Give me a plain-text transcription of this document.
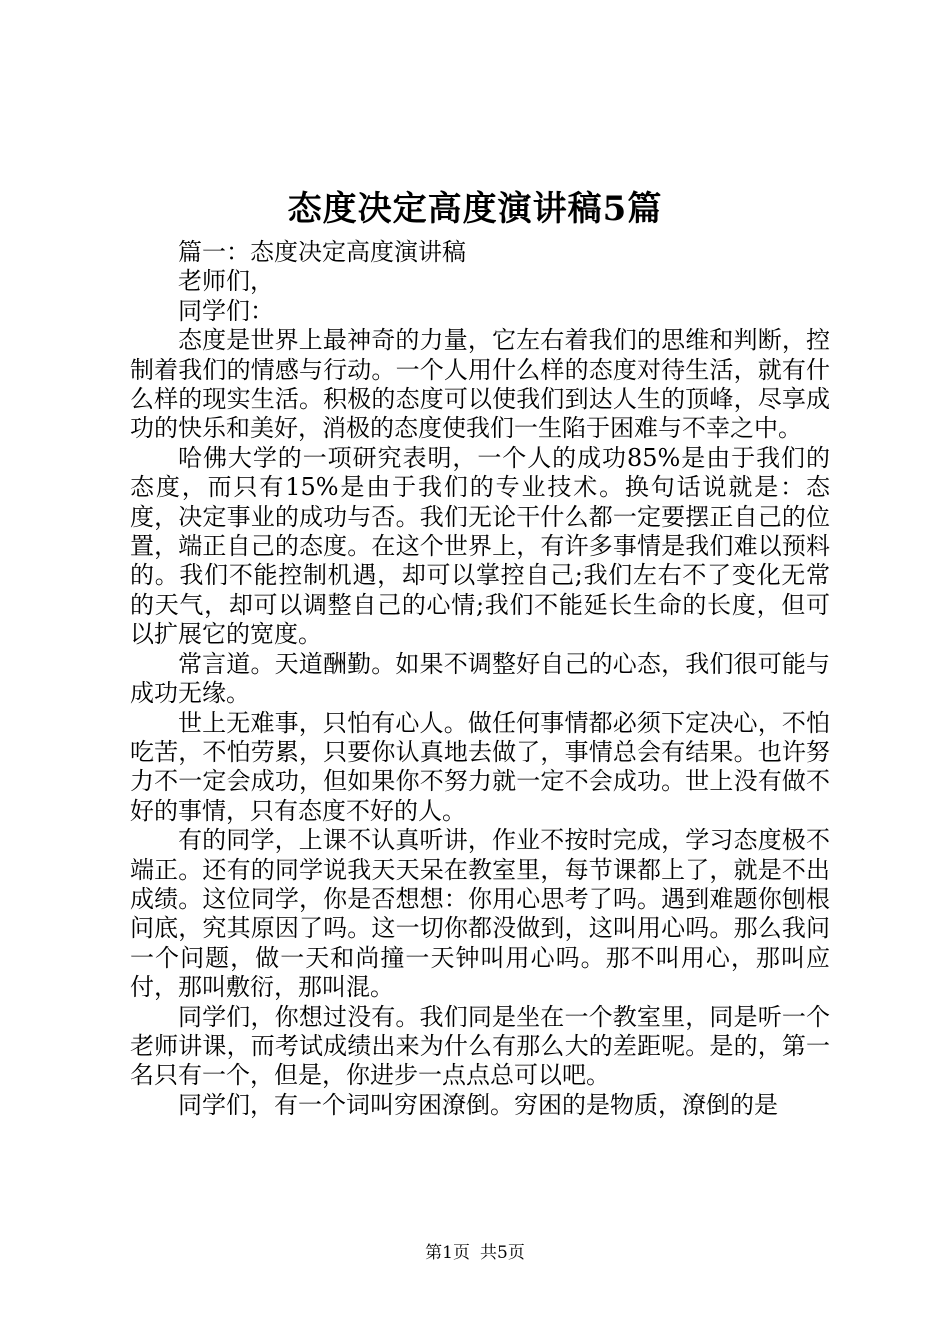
态度决定高度演讲稿5篇

篇一：态度决定高度演讲稿

老师们，

同学们：

态度是世界上最神奇的力量，它左右着我们的思维和判断，控制着我们的情感与行动。一个人用什么样的态度对待生活，就有什么样的现实生活。积极的态度可以使我们到达人生的顶峰，尽享成功的快乐和美好，消极的态度使我们一生陷于困难与不幸之中。

哈佛大学的一项研究表明，一个人的成功85%是由于我们的态度，而只有15%是由于我们的专业技术。换句话说就是：态度，决定事业的成功与否。我们无论干什么都一定要摆正自己的位置，端正自己的态度。在这个世界上，有许多事情是我们难以预料的。我们不能控制机遇，却可以掌控自己;我们左右不了变化无常的天气，却可以调整自己的心情;我们不能延长生命的长度，但可以扩展它的宽度。

常言道。天道酬勤。如果不调整好自己的心态，我们很可能与成功无缘。

世上无难事，只怕有心人。做任何事情都必须下定决心，不怕吃苦，不怕劳累，只要你认真地去做了，事情总会有结果。也许努力不一定会成功，但如果你不努力就一定不会成功。世上没有做不好的事情，只有态度不好的人。

有的同学，上课不认真听讲，作业不按时完成，学习态度极不端正。还有的同学说我天天呆在教室里，每节课都上了，就是不出成绩。这位同学，你是否想想：你用心思考了吗。遇到难题你刨根问底，究其原因了吗。这一切你都没做到，这叫用心吗。那么我问一个问题，做一天和尚撞一天钟叫用心吗。那不叫用心，那叫应付，那叫敷衍，那叫混。

同学们，你想过没有。我们同是坐在一个教室里，同是听一个老师讲课，而考试成绩出来为什么有那么大的差距呢。是的，第一名只有一个，但是，你进步一点点总可以吧。

同学们，有一个词叫穷困潦倒。穷困的是物质，潦倒的是

第1页 共5页
